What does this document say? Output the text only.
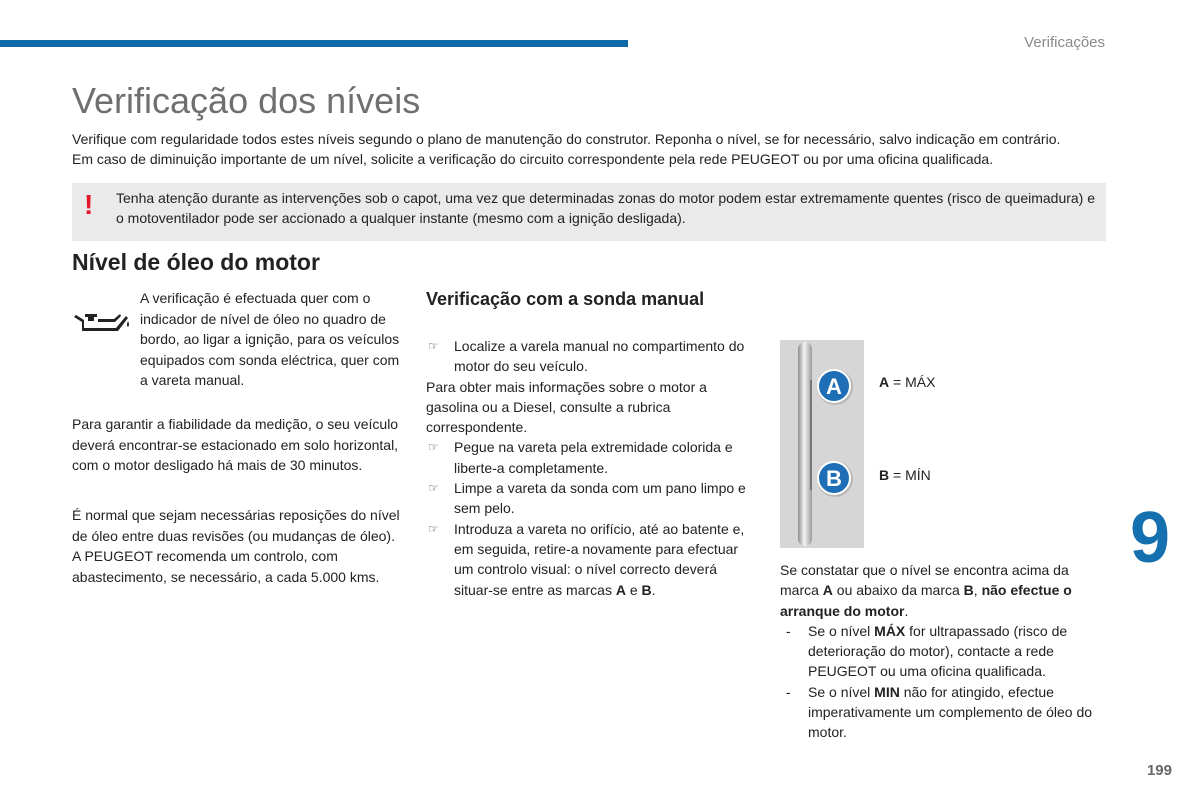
Verificações
Verificação dos níveis

Verifique com regularidade todos estes níveis segundo o plano de manutenção do construtor. Reponha o nível, se for necessário, salvo indicação em contrário.

Em caso de diminuição importante de um nível, solicite a verificação do circuito correspondente pela rede PEUGEOT ou por uma oficina qualificada.

! Tenha atenção durante as intervenções sob o capot, uma vez que determinadas zonas do motor podem estar extremamente quentes (risco de queimadura) e o motoventilador pode ser accionado a qualquer instante (mesmo com a ignição desligada).
Nível de óleo do motor
A verificação é efectuada quer com o indicador de nível de óleo no quadro de bordo, ao ligar a ignição, para os veículos equipados com sonda eléctrica, quer com a vareta manual.
Para garantir a fiabilidade da medição, o seu veículo deverá encontrar-se estacionado em solo horizontal, com o motor desligado há mais de 30 minutos.
É normal que sejam necessárias reposições do nível de óleo entre duas revisões (ou mudanças de óleo). A PEUGEOT recomenda um controlo, com abastecimento, se necessário, a cada 5.000 kms.
Verificação com a sonda manual
☞ Localize a varela manual no compartimento do motor do seu veículo.

Para obter mais informações sobre o motor a gasolina ou a Diesel, consulte a rubrica correspondente.

☞ Pegue na vareta pela extremidade colorida e liberte-a completamente.
☞ Limpe a vareta da sonda com um pano limpo e sem pelo.
☞ Introduza a vareta no orifício, até ao batente e, em seguida, retire-a novamente para efectuar um controlo visual: o nível correcto deverá situar-se entre as marcas A e B.
A
B
A = MÁX
B = MÍN
9

Se constatar que o nível se encontra acima da marca A ou abaixo da marca B, não efectue o arranque do motor.

- Se o nível MÁX for ultrapassado (risco de deterioração do motor), contacte a rede PEUGEOT ou uma oficina qualificada.
- Se o nível MIN não for atingido, efectue imperativamente um complemento de óleo do motor.
199
